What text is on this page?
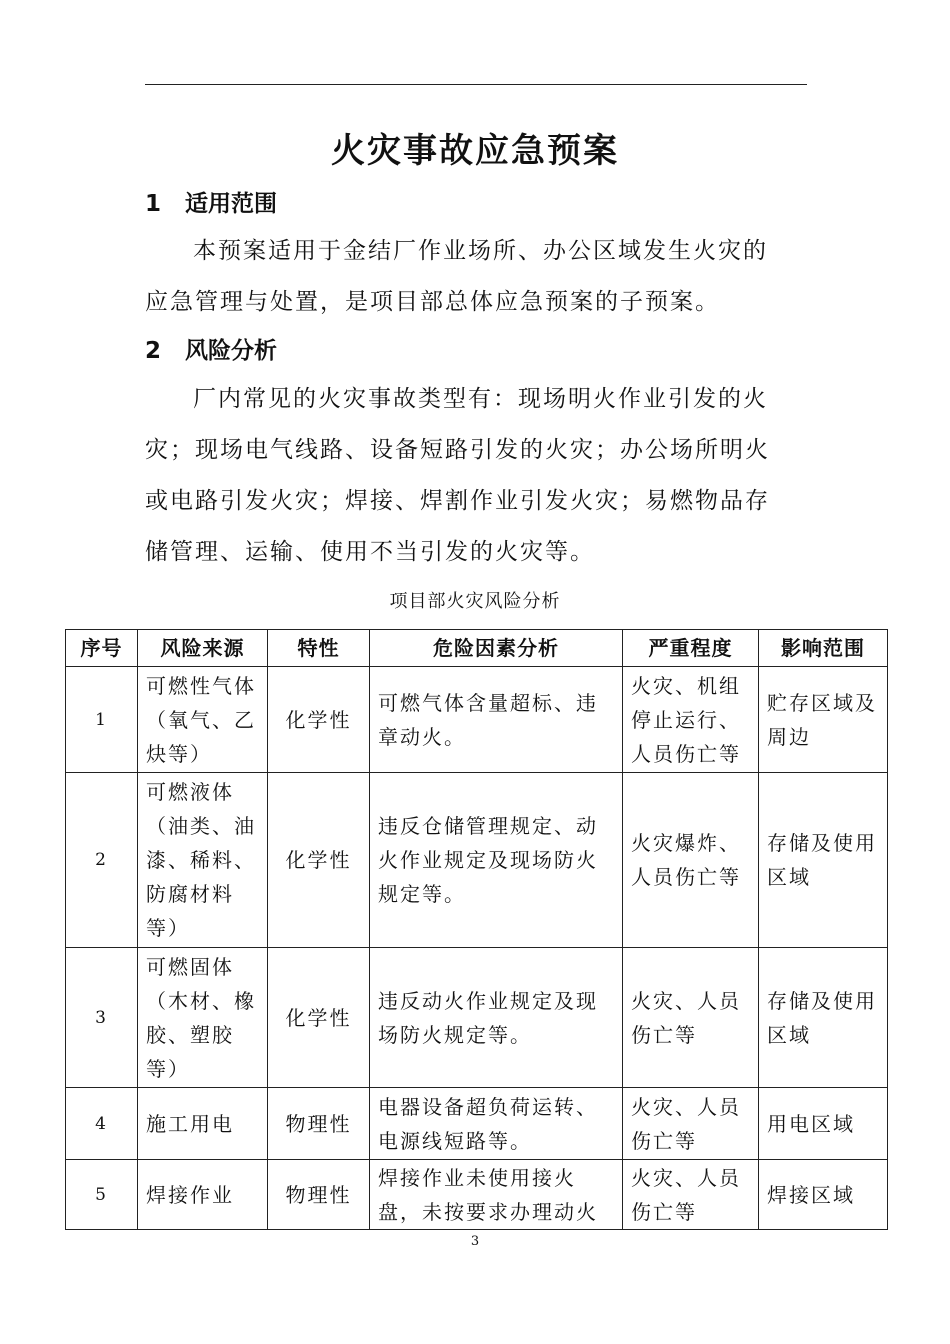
火灾事故应急预案
1 适用范围

本预案适用于金结厂作业场所、办公区域发生火灾的应急管理与处置，是项目部总体应急预案的子预案。

2 风险分析

厂内常见的火灾事故类型有：现场明火作业引发的火灾；现场电气线路、设备短路引发的火灾；办公场所明火或电路引发火灾；焊接、焊割作业引发火灾；易燃物品存储管理、运输、使用不当引发的火灾等。

项目部火灾风险分析
序号	风险来源	特性	危险因素分析	严重程度	影响范围
1	可燃性气体（氧气、乙炔等）	化学性	可燃气体含量超标、违章动火。	火灾、机组停止运行、人员伤亡等	贮存区域及周边
2	可燃液体（油类、油漆、稀料、防腐材料等）	化学性	违反仓储管理规定、动火作业规定及现场防火规定等。	火灾爆炸、人员伤亡等	存储及使用区域
3	可燃固体（木材、橡胶、塑胶等）	化学性	违反动火作业规定及现场防火规定等。	火灾、人员伤亡等	存储及使用区域
4	施工用电	物理性	电器设备超负荷运转、电源线短路等。	火灾、人员伤亡等	用电区域
5	焊接作业	物理性	焊接作业未使用接火盘，未按要求办理动火	火灾、人员伤亡等	焊接区域
3
